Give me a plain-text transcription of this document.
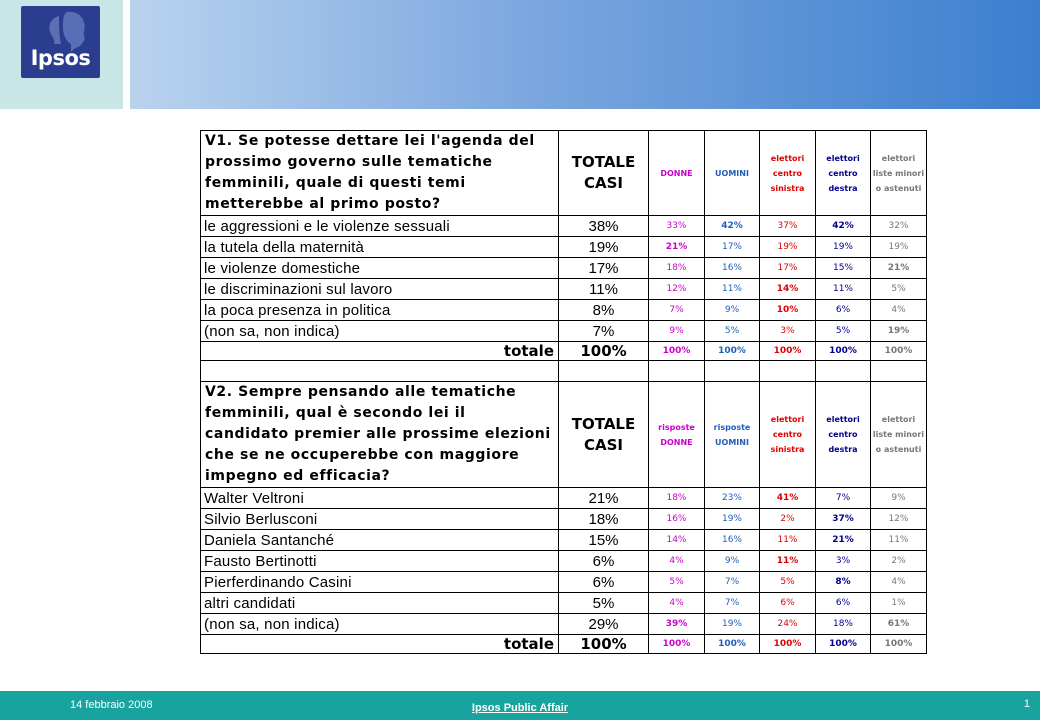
Ipsos
V1. Se potesse dettare lei l'agenda del prossimo governo sulle tematiche femminili, quale di questi temi metterebbe al primo posto?	TOTALE CASI	DONNE	UOMINI	elettori centro sinistra	elettori centro destra	elettori liste minori o astenuti
le aggressioni e le violenze sessuali	38%	33%	42%	37%	42%	32%
la tutela della maternità	19%	21%	17%	19%	19%	19%
le violenze domestiche	17%	18%	16%	17%	15%	21%
le discriminazioni sul lavoro	11%	12%	11%	14%	11%	5%
la poca presenza in politica	8%	7%	9%	10%	6%	4%
(non sa, non indica)	7%	9%	5%	3%	5%	19%
totale	100%	100%	100%	100%	100%	100%

V2. Sempre pensando alle tematiche femminili, qual è secondo lei il candidato premier alle prossime elezioni che se ne occuperebbe con maggiore impegno ed efficacia?	TOTALE CASI	risposte DONNE	risposte UOMINI	elettori centro sinistra	elettori centro destra	elettori liste minori o astenuti
Walter Veltroni	21%	18%	23%	41%	7%	9%
Silvio Berlusconi	18%	16%	19%	2%	37%	12%
Daniela Santanché	15%	14%	16%	11%	21%	11%
Fausto Bertinotti	6%	4%	9%	11%	3%	2%
Pierferdinando Casini	6%	5%	7%	5%	8%	4%
altri candidati	5%	4%	7%	6%	6%	1%
(non sa, non indica)	29%	39%	19%	24%	18%	61%
totale	100%	100%	100%	100%	100%	100%
14 febbraio 2008	Ipsos Public Affair	1
